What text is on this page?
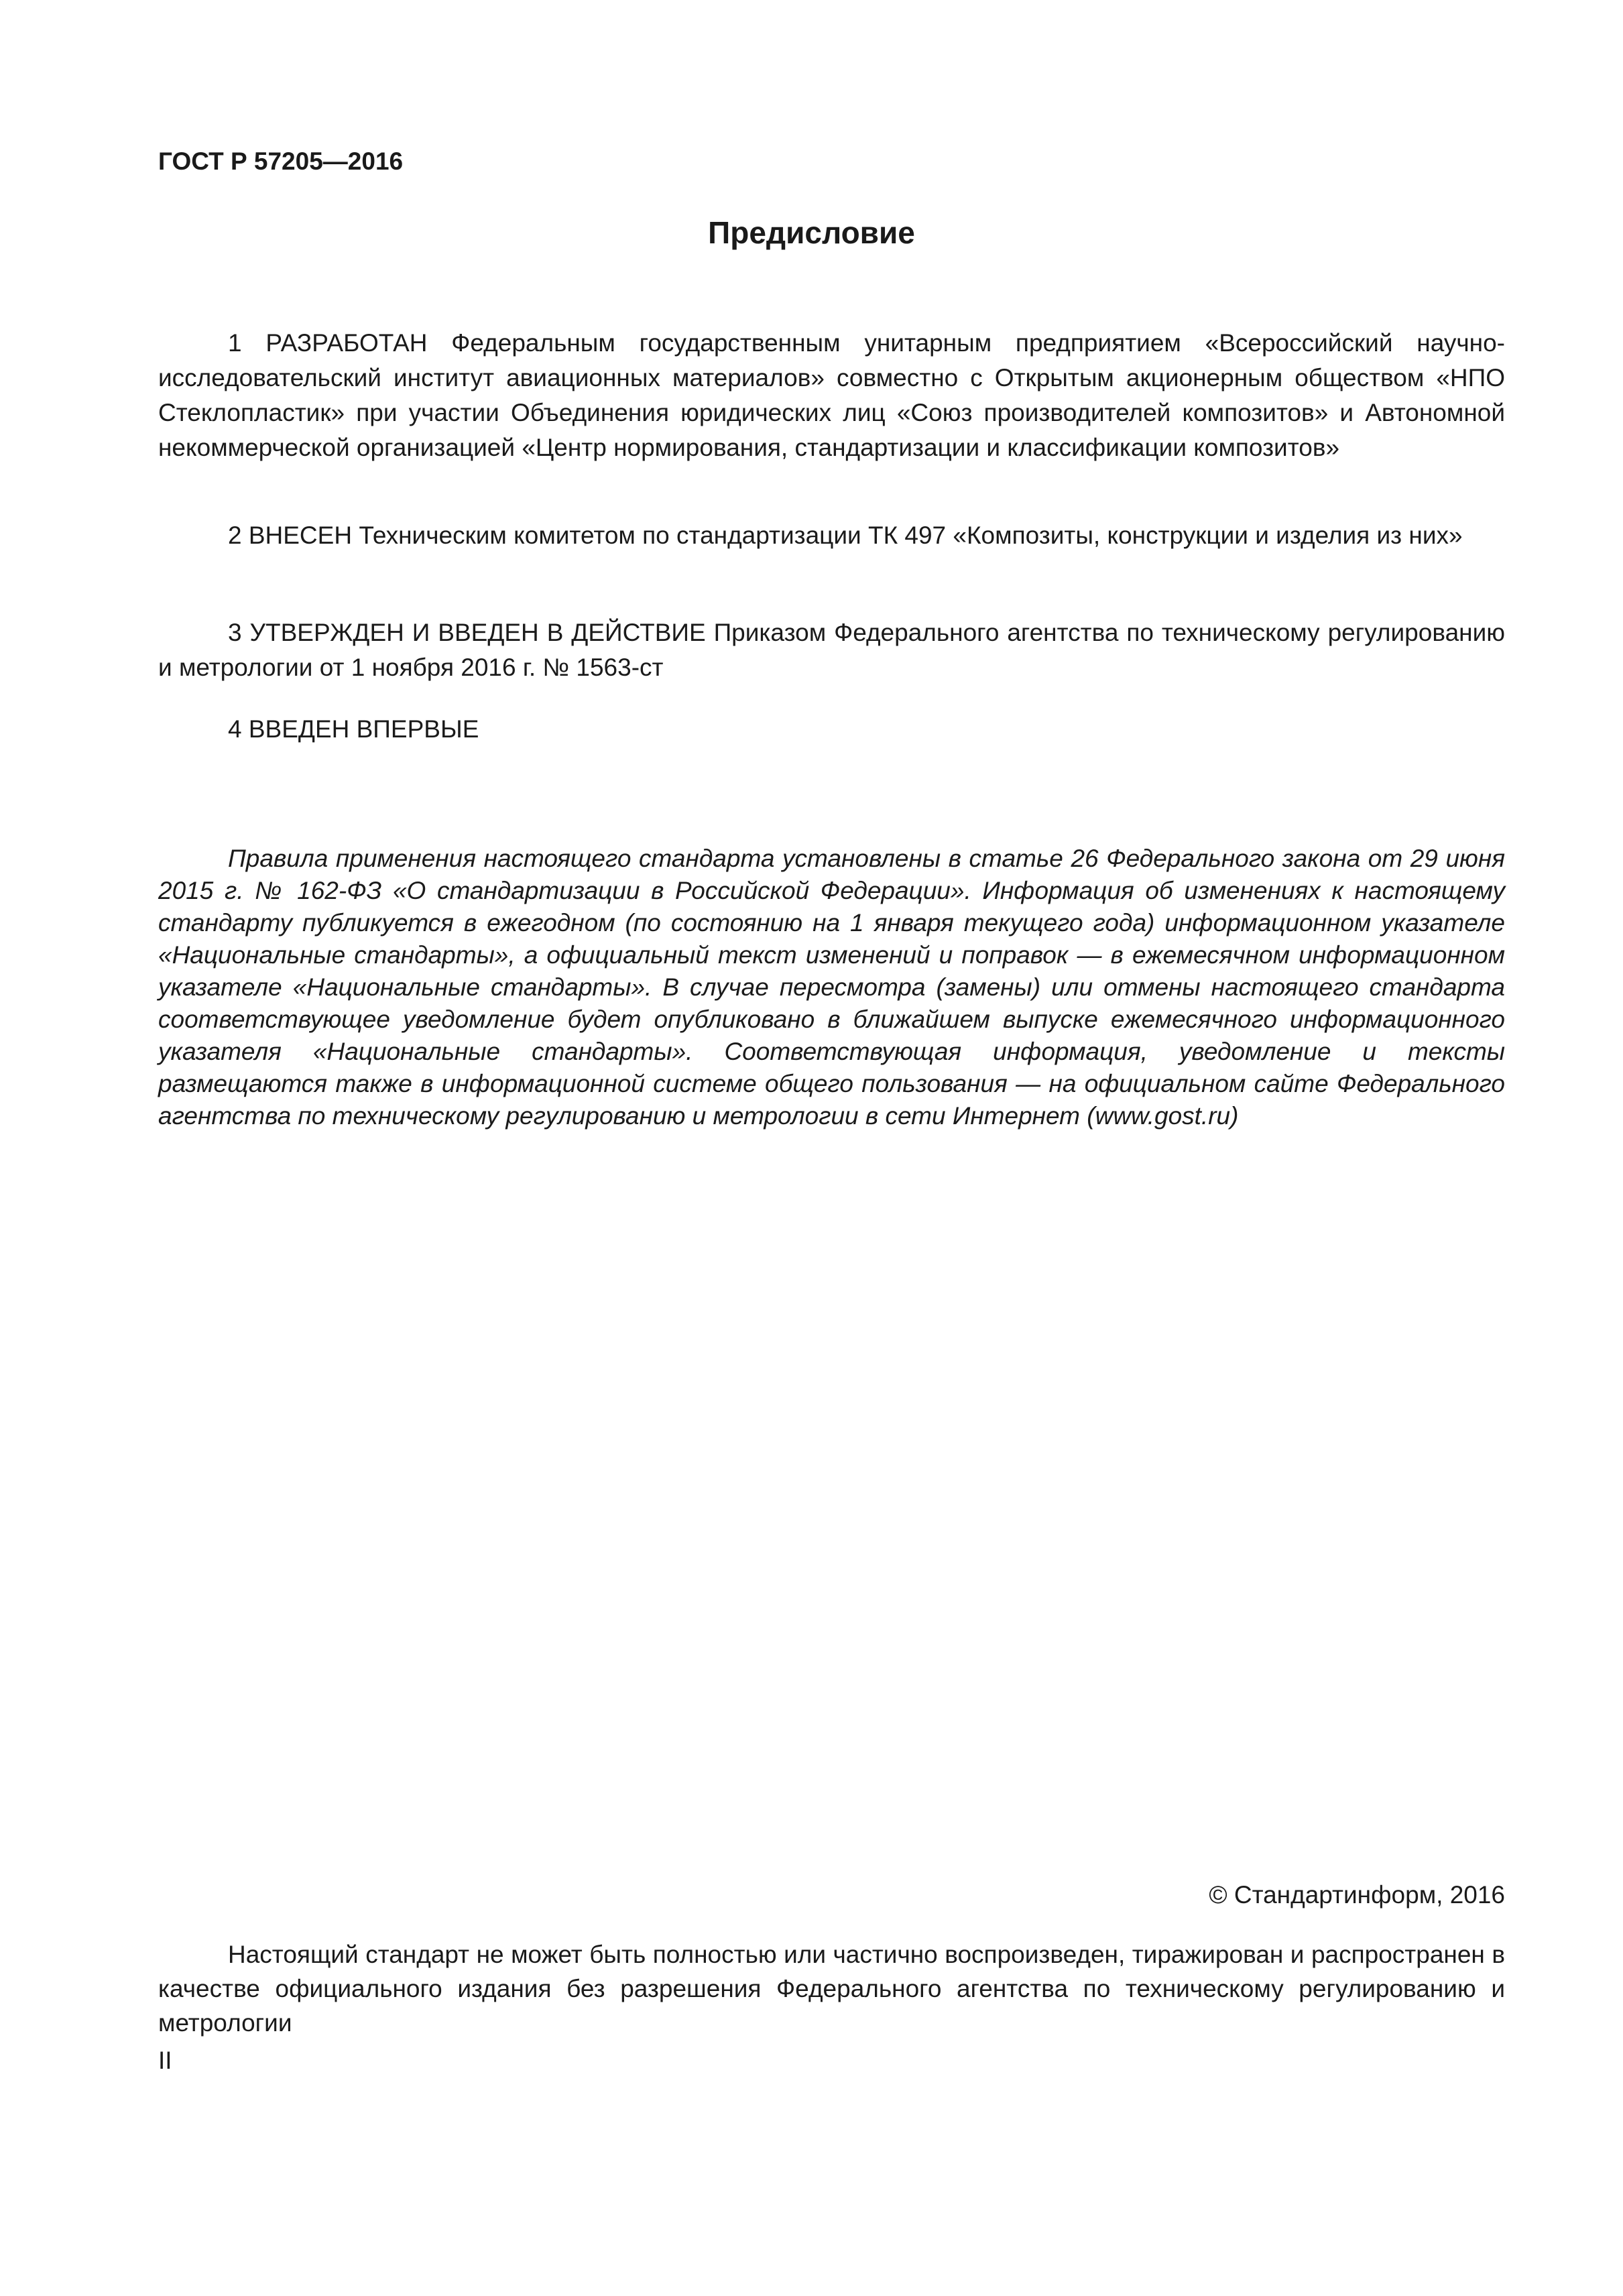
ГОСТ Р 57205—2016
Предисловие

1 РАЗРАБОТАН Федеральным государственным унитарным предприятием «Всероссийский научно-исследовательский институт авиационных материалов» совместно с Открытым акционерным обществом «НПО Стеклопластик» при участии Объединения юридических лиц «Союз производителей композитов» и Автономной некоммерческой организацией «Центр нормирования, стандартизации и классификации композитов»

2 ВНЕСЕН Техническим комитетом по стандартизации ТК 497 «Композиты, конструкции и изделия из них»

3 УТВЕРЖДЕН И ВВЕДЕН В ДЕЙСТВИЕ Приказом Федерального агентства по техническому регулированию и метрологии от 1 ноября 2016 г. № 1563-ст

4 ВВЕДЕН ВПЕРВЫЕ

Правила применения настоящего стандарта установлены в статье 26 Федерального закона от 29 июня 2015 г. № 162-ФЗ «О стандартизации в Российской Федерации». Информация об изменениях к настоящему стандарту публикуется в ежегодном (по состоянию на 1 января текущего года) информационном указателе «Национальные стандарты», а официальный текст изменений и поправок — в ежемесячном информационном указателе «Национальные стандарты». В случае пересмотра (замены) или отмены настоящего стандарта соответствующее уведомление будет опубликовано в ближайшем выпуске ежемесячного информационного указателя «Национальные стандарты». Соответствующая информация, уведомление и тексты размещаются также в информационной системе общего пользования — на официальном сайте Федерального агентства по техническому регулированию и метрологии в сети Интернет (www.gost.ru)

© Стандартинформ, 2016

Настоящий стандарт не может быть полностью или частично воспроизведен, тиражирован и распространен в качестве официального издания без разрешения Федерального агентства по техническому регулированию и метрологии

II
